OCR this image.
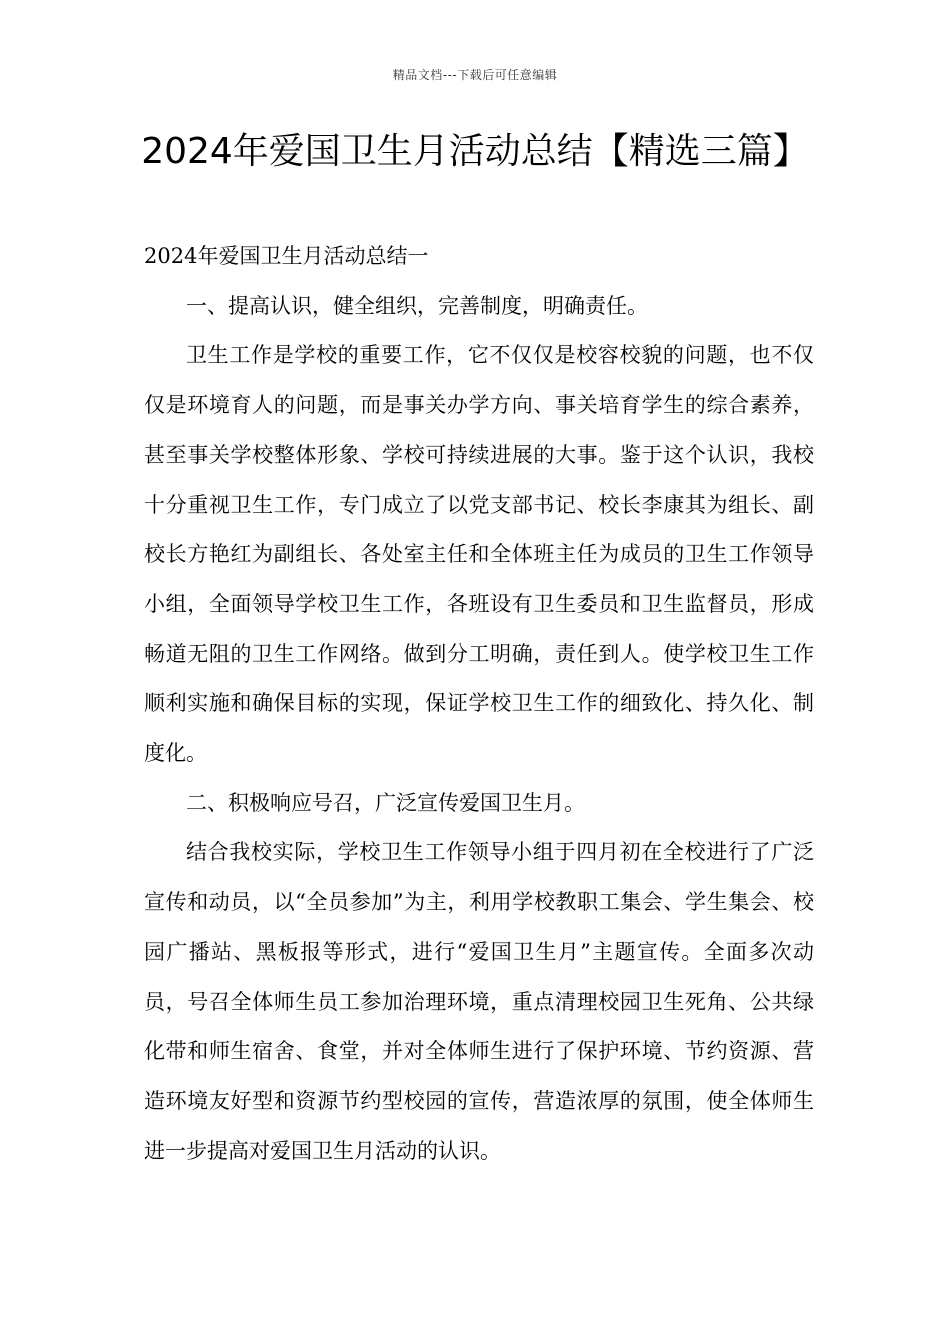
精品文档---下载后可任意编辑
2024年爱国卫生月活动总结【精选三篇】

2024年爱国卫生月活动总结一

一、提高认识，健全组织，完善制度，明确责任。

卫生工作是学校的重要工作，它不仅仅是校容校貌的问题，也不仅仅是环境育人的问题，而是事关办学方向、事关培育学生的综合素养，甚至事关学校整体形象、学校可持续进展的大事。鉴于这个认识，我校十分重视卫生工作，专门成立了以党支部书记、校长李康其为组长、副校长方艳红为副组长、各处室主任和全体班主任为成员的卫生工作领导小组，全面领导学校卫生工作，各班设有卫生委员和卫生监督员，形成畅道无阻的卫生工作网络。做到分工明确，责任到人。使学校卫生工作顺利实施和确保目标的实现，保证学校卫生工作的细致化、持久化、制度化。

二、积极响应号召，广泛宣传爱国卫生月。

结合我校实际，学校卫生工作领导小组于四月初在全校进行了广泛宣传和动员，以“全员参加”为主，利用学校教职工集会、学生集会、校园广播站、黑板报等形式，进行“爱国卫生月”主题宣传。全面多次动员，号召全体师生员工参加治理环境，重点清理校园卫生死角、公共绿化带和师生宿舍、食堂，并对全体师生进行了保护环境、节约资源、营造环境友好型和资源节约型校园的宣传，营造浓厚的氛围，使全体师生进一步提高对爱国卫生月活动的认识。
